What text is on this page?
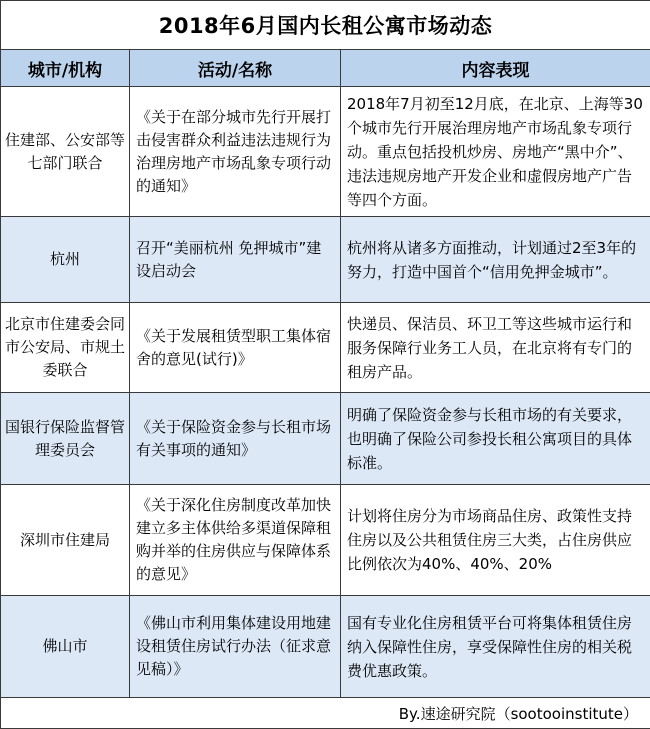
2018年6月国内长租公寓市场动态		
城市/机构	活动/名称	内容表现
住建部、公安部等七部门联合	《关于在部分城市先行开展打击侵害群众利益违法违规行为 治理房地产市场乱象专项行动的通知》	2018年7月初至12月底，在北京、上海等30个城市先行开展治理房地产市场乱象专项行动。重点包括投机炒房、房地产“黑中介”、违法违规房地产开发企业和虚假房地产广告等四个方面。
杭州	召开“美丽杭州 免押城市”建设启动会	杭州将从诸多方面推动，计划通过2至3年的努力，打造中国首个“信用免押金城市”。
北京市住建委会同市公安局、市规土委联合	《关于发展租赁型职工集体宿舍的意见(试行)》	快递员、保洁员、环卫工等这些城市运行和服务保障行业务工人员，在北京将有专门的租房产品。
国银行保险监督管理委员会	《关于保险资金参与长租市场有关事项的通知》	明确了保险资金参与长租市场的有关要求，也明确了保险公司参投长租公寓项目的具体标准。
深圳市住建局	《关于深化住房制度改革加快建立多主体供给多渠道保障租购并举的住房供应与保障体系的意见》	计划将住房分为市场商品住房、政策性支持住房以及公共租赁住房三大类，占住房供应比例依次为40%、40%、20%
佛山市	《佛山市利用集体建设用地建设租赁住房试行办法（征求意见稿）》	国有专业化住房租赁平台可将集体租赁住房纳入保障性住房，享受保障性住房的相关税费优惠政策。
By.速途研究院（sootooinstitute）		
